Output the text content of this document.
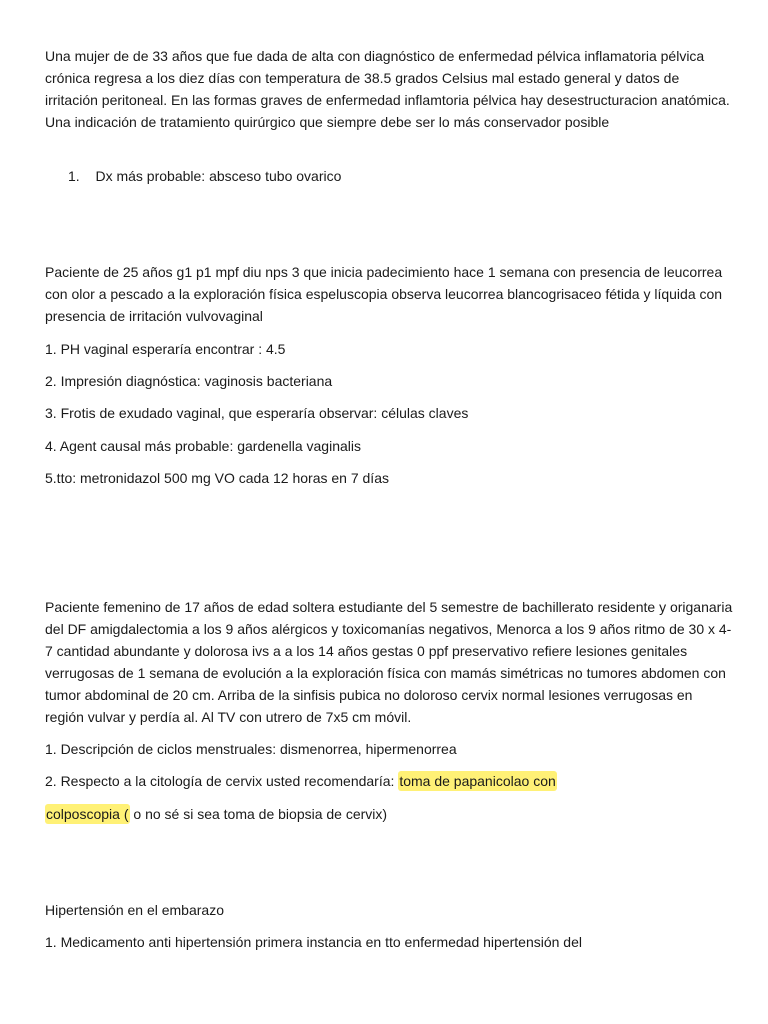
Una mujer de de 33 años que fue dada de alta con diagnóstico de enfermedad pélvica inflamatoria pélvica crónica regresa a los diez días con temperatura de 38.5 grados Celsius mal estado general y datos de irritación peritoneal. En las formas graves de enfermedad inflamtoria pélvica hay desestructuracion anatómica. Una indicación de tratamiento quirúrgico que siempre debe ser lo más conservador posible

1. Dx más probable: absceso tubo ovarico

Paciente de 25 años g1 p1 mpf diu nps 3 que inicia padecimiento hace 1 semana con presencia de leucorrea con olor a pescado a la exploración física espeluscopia observa leucorrea blancogrisaceo fétida y líquida con presencia de irritación vulvovaginal

1. PH vaginal esperaría encontrar : 4.5
2. Impresión diagnóstica: vaginosis bacteriana
3. Frotis de exudado vaginal, que esperaría observar: células claves
4. Agent causal más probable: gardenella vaginalis
5.tto: metronidazol 500 mg VO cada 12 horas en 7 días

Paciente femenino de 17 años de edad soltera estudiante del 5 semestre de bachillerato residente y origanaria del DF amigdalectomia a los 9 años alérgicos y toxicomanías negativos, Menorca a los 9 años ritmo de 30 x 4-7 cantidad abundante y dolorosa ivs a a los 14 años gestas 0 ppf preservativo refiere lesiones genitales verrugosas de 1 semana de evolución a la exploración física con mamás simétricas no tumores abdomen con tumor abdominal de 20 cm. Arriba de la sinfisis pubica no doloroso cervix normal lesiones verrugosas en región vulvar y perdía al. Al TV con utrero de 7x5 cm móvil.

1. Descripción de ciclos menstruales: dismenorrea, hipermenorrea
2. Respecto a la citología de cervix usted recomendaría: toma de papanicolao con
colposcopia ( o no sé si sea toma de biopsia de cervix)
Hipertensión en el embarazo
1. Medicamento anti hipertensión primera instancia en tto enfermedad hipertensión del
